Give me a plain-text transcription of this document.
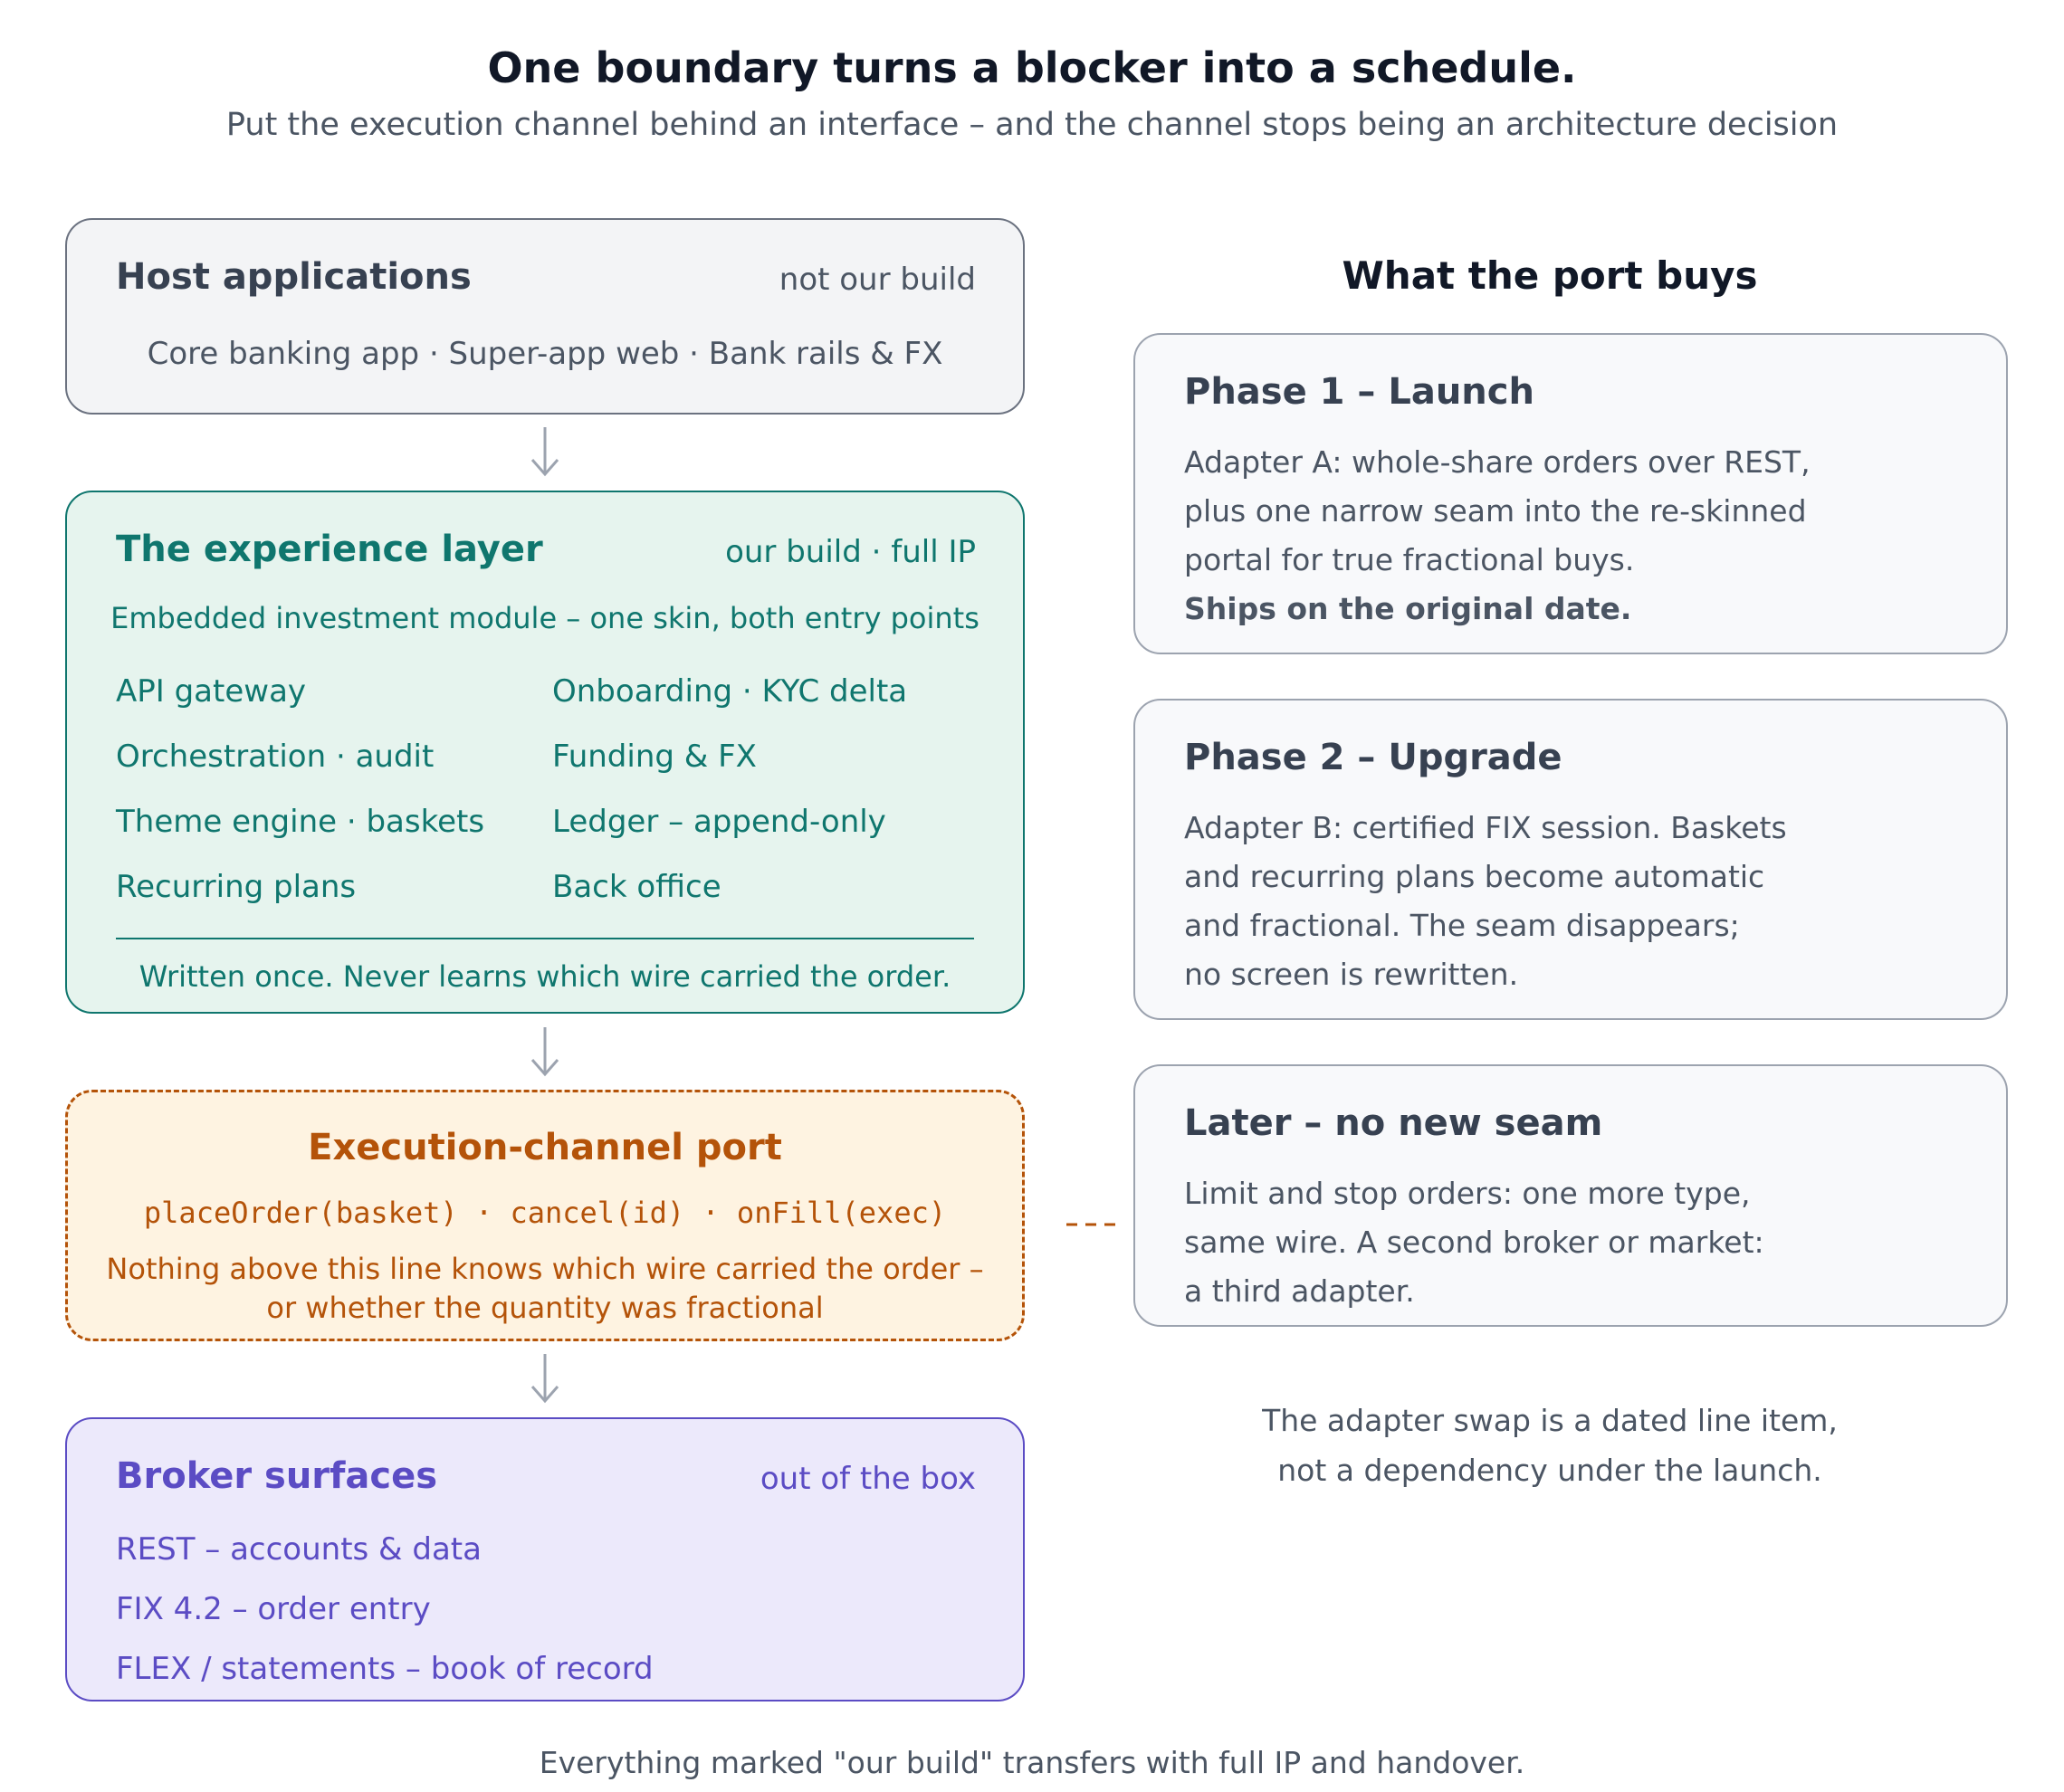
One boundary turns a blocker into a schedule.
Put the execution channel behind an interface – and the channel stops being an architecture decision
Host applications	not our build
Core banking app · Super-app web · Bank rails & FX
The experience layer	our build · full IP
Embedded investment module – one skin, both entry points
API gateway
Orchestration · audit
Theme engine · baskets
Recurring plans
Onboarding · KYC delta
Funding & FX
Ledger – append-only
Back office
Written once. Never learns which wire carried the order.
Execution-channel port
placeOrder(basket) · cancel(id) · onFill(exec)
Nothing above this line knows which wire carried the order –
or whether the quantity was fractional
Broker surfaces	out of the box
REST – accounts & data
FIX 4.2 – order entry
FLEX / statements – book of record
What the port buys
Phase 1 – Launch
Adapter A: whole-share orders over REST,
plus one narrow seam into the re-skinned
portal for true fractional buys.
Ships on the original date.
Phase 2 – Upgrade
Adapter B: certified FIX session. Baskets
and recurring plans become automatic
and fractional. The seam disappears;
no screen is rewritten.
Later – no new seam
Limit and stop orders: one more type,
same wire. A second broker or market:
a third adapter.
The adapter swap is a dated line item,
not a dependency under the launch.
Everything marked "our build" transfers with full IP and handover.
